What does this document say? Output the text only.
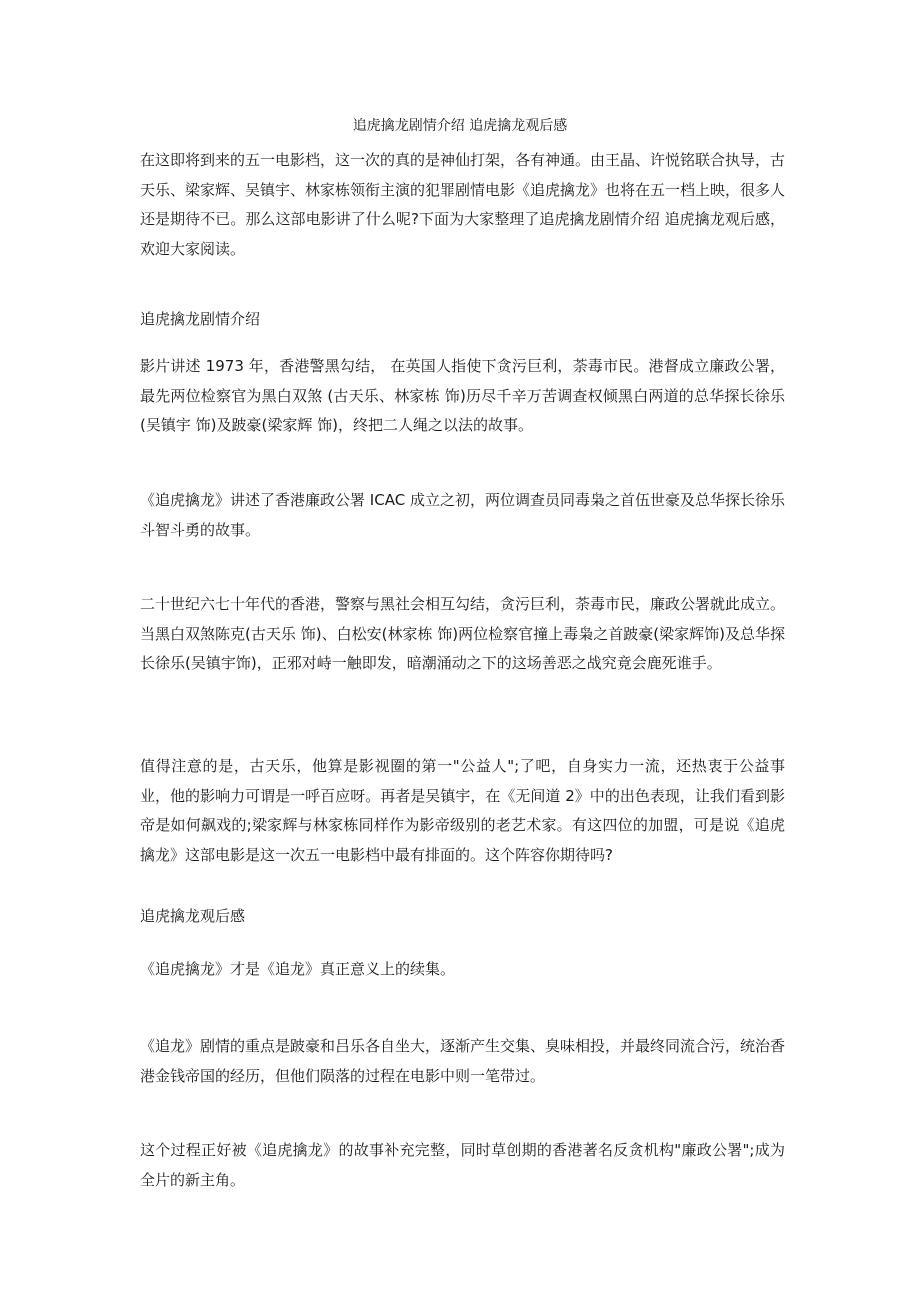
追虎擒龙剧情介绍 追虎擒龙观后感
在这即将到来的五一电影档，这一次的真的是神仙打架，各有神通。由王晶、许悦铭联合执导，古天乐、梁家辉、吴镇宇、林家栋领衔主演的犯罪剧情电影《追虎擒龙》也将在五一档上映，很多人还是期待不已。那么这部电影讲了什么呢?下面为大家整理了追虎擒龙剧情介绍 追虎擒龙观后感，欢迎大家阅读。
追虎擒龙剧情介绍
影片讲述 1973 年，香港警黑勾结， 在英国人指使下贪污巨利，荼毒市民。港督成立廉政公署，最先两位检察官为黑白双煞 (古天乐、林家栋 饰)历尽千辛万苦调查权倾黑白两道的总华探长徐乐(吴镇宇 饰)及跛豪(梁家辉 饰)，终把二人绳之以法的故事。
《追虎擒龙》讲述了香港廉政公署 ICAC 成立之初，两位调查员同毒枭之首伍世豪及总华探长徐乐斗智斗勇的故事。
二十世纪六七十年代的香港，警察与黑社会相互勾结，贪污巨利，荼毒市民，廉政公署就此成立。当黑白双煞陈克(古天乐 饰)、白松安(林家栋 饰)两位检察官撞上毒枭之首跛豪(梁家辉饰)及总华探长徐乐(吴镇宇饰)，正邪对峙一触即发，暗潮涌动之下的这场善恶之战究竟会鹿死谁手。
值得注意的是，古天乐，他算是影视圈的第一"公益人";了吧，自身实力一流，还热衷于公益事业，他的影响力可谓是一呼百应呀。再者是吴镇宇，在《无间道 2》中的出色表现，让我们看到影帝是如何飙戏的;梁家辉与林家栋同样作为影帝级别的老艺术家。有这四位的加盟，可是说《追虎擒龙》这部电影是这一次五一电影档中最有排面的。这个阵容你期待吗?
追虎擒龙观后感
《追虎擒龙》才是《追龙》真正意义上的续集。
《追龙》剧情的重点是跛豪和吕乐各自坐大，逐渐产生交集、臭味相投，并最终同流合污，统治香港金钱帝国的经历，但他们陨落的过程在电影中则一笔带过。
这个过程正好被《追虎擒龙》的故事补充完整，同时草创期的香港著名反贪机构"廉政公署";成为全片的新主角。
